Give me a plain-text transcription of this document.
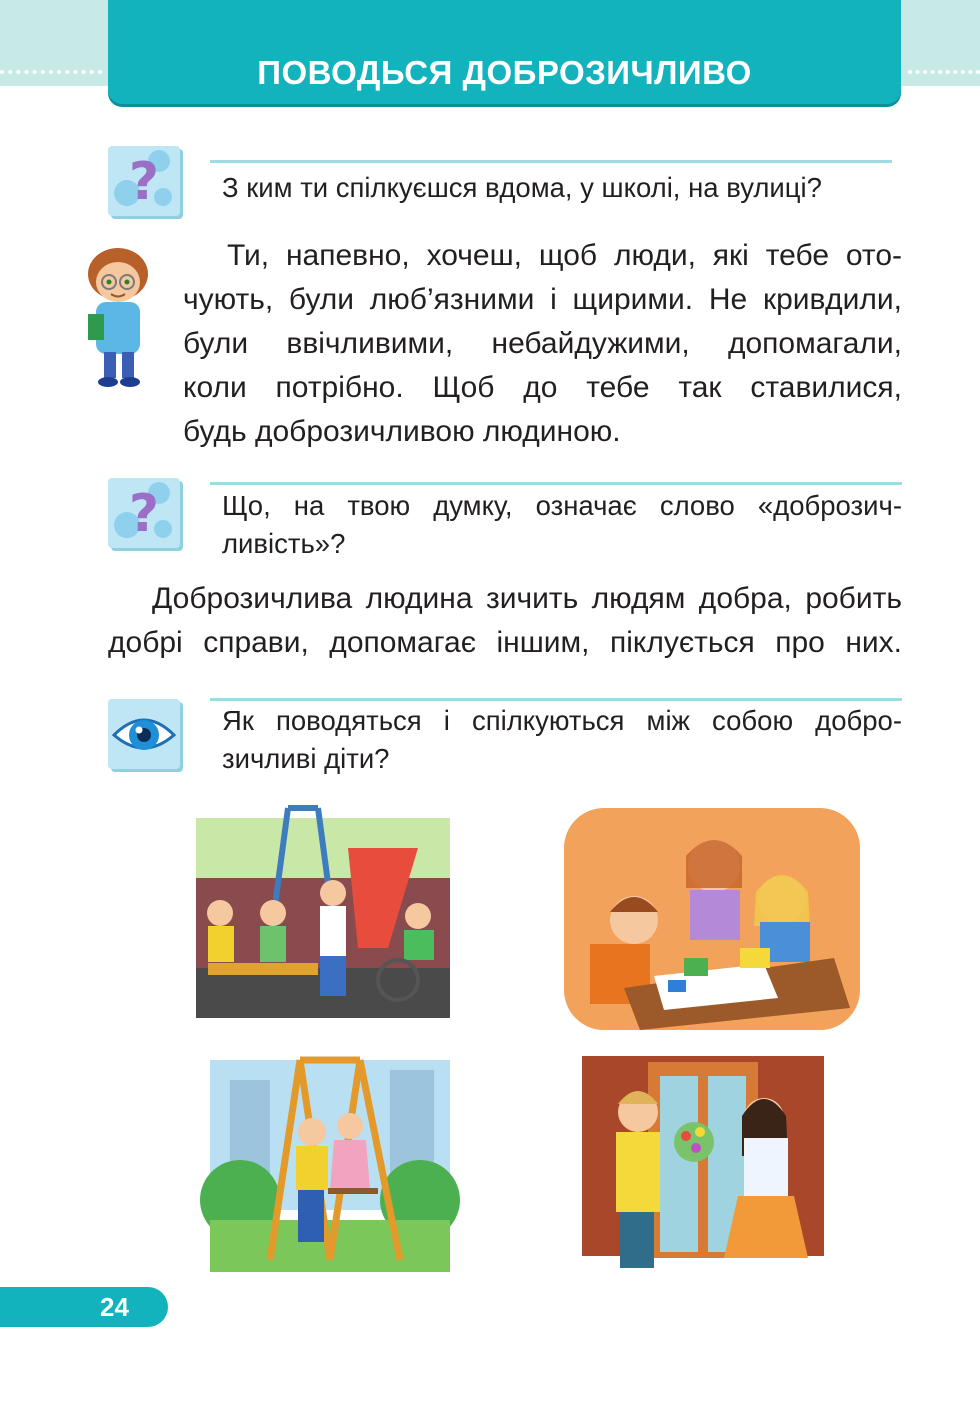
ПОВОДЬСЯ ДОБРОЗИЧЛИВО
?	З ким ти спілкуєшся вдома, у школі, на вулиці?
Ти, напевно, хочеш, щоб люди, які тебе ото-
чують, були люб’язними і щирими. Не кривдили,
були ввічливими, небайдужими, допомагали,
коли потрібно. Щоб до тебе так ставилися,
будь доброзичливою людиною.
?	Що, на твою думку, означає слово «доброзич-
ливість»?
Доброзичлива людина зичить людям добра, робить
добрі справи, допомагає іншим, піклується про них.
Як поводяться і спілкуються між собою добро-
зичливі діти?
24
